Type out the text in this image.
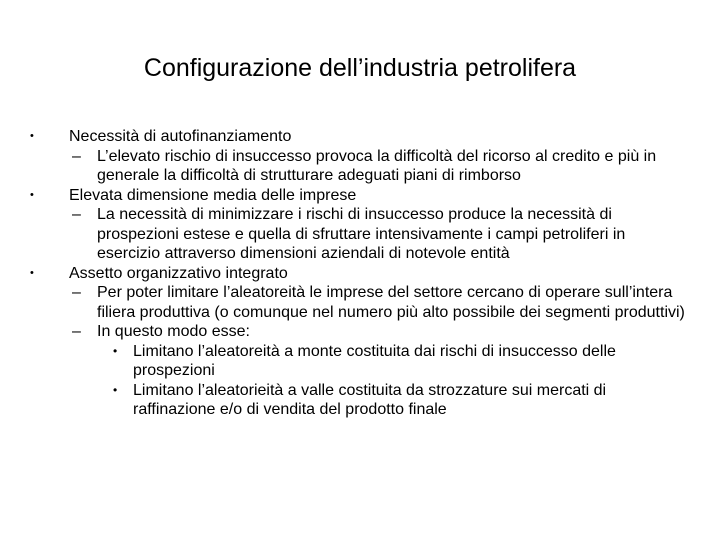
Configurazione dell’industria petrolifera
•	Necessità di autofinanziamento
– L’elevato rischio di insuccesso provoca la difficoltà del ricorso al credito e più in generale la difficoltà di strutturare adeguati piani di rimborso
•	Elevata dimensione media delle imprese
– La necessità di minimizzare i rischi di insuccesso produce la necessità di prospezioni estese e quella di sfruttare intensivamente i campi petroliferi in esercizio attraverso dimensioni aziendali di notevole entità
•	Assetto organizzativo integrato
– Per poter limitare l’aleatoreità le imprese del settore cercano di operare sull’intera filiera produttiva (o comunque nel numero più alto possibile dei segmenti produttivi)
– In questo modo esse:
• Limitano l’aleatoreità a monte costituita dai rischi di insuccesso delle prospezioni
• Limitano l’aleatorieità a valle costituita da strozzature sui mercati di raffinazione e/o di vendita del prodotto finale
